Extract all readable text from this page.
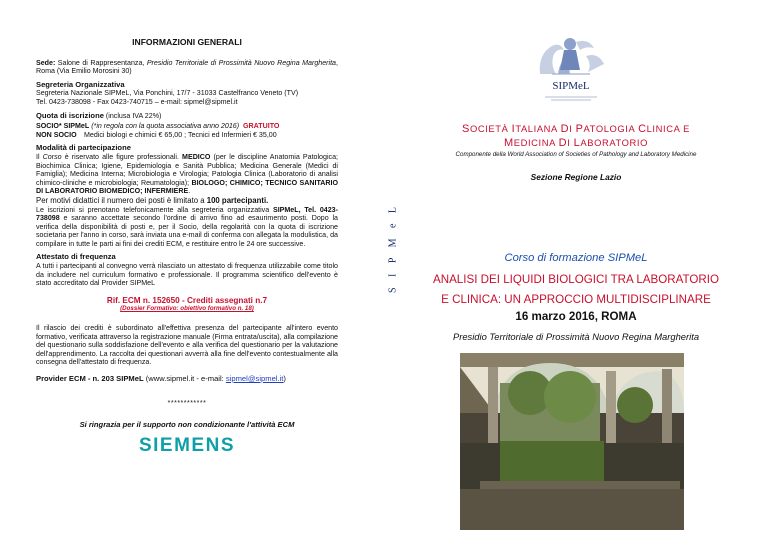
INFORMAZIONI GENERALI
Sede: Salone di Rappresentanza, Presidio Territoriale di Prossimità Nuovo Regina Margherita, Roma (Via Emilio Morosini 30)
Segreteria Organizzativa
Segreteria Nazionale SIPMeL, Via Ponchini, 17/7 - 31033 Castelfranco Veneto (TV)
Tel. 0423-738098 - Fax 0423-740715 – e-mail: sipmel@sipmel.it
Quota di iscrizione (inclusa IVA 22%)
SOCIO* SIPMeL (*in regola con la quota associativa anno 2016) GRATUITO
NON SOCIO	Medici biologi e chimici € 65,00 ; Tecnici ed Infermieri € 35,00
Modalità di partecipazione
Il Corso è riservato alle figure professionali. MEDICO (per le discipline Anatomia Patologica; Biochimica Clinica; Igiene, Epidemiologia e Sanità Pubblica; Medicina Generale (Medici di Famiglia); Medicina Interna; Microbiologia e Virologia; Patologia Clinica (Laboratorio di analisi chimico-cliniche e microbiologia; Reumatologia); BIOLOGO; CHIMICO; TECNICO SANITARIO DI LABORATORIO BIOMEDICO; INFERMIERE.
Per motivi didattici il numero dei posti è limitato a 100 partecipanti.
Le iscrizioni si prenotano telefonicamente alla segreteria organizzativa SIPMeL, Tel. 0423-738098 e saranno accettate secondo l'ordine di arrivo fino ad esaurimento posti. Dopo la verifica della disponibilità di posti e, per il Socio, della regolarità con la quota di iscrizione societaria per l'anno in corso, sarà inviata una e-mail di conferma con allegata la modulistica, da compilare in tutte le parti ai fini dei crediti ECM, e restituire entro le 24 ore successive.
Attestato di frequenza
A tutti i partecipanti al convegno verrà rilasciato un attestato di frequenza utilizzabile come titolo da includere nel curriculum formativo e professionale. Il programma scientifico dell'evento è stato accreditato dal Provider SIPMeL
Rif. ECM n. 152650 - Crediti assegnati n.7
(Dossier Formativo: obiettivo formativo n. 18)
Il rilascio dei crediti è subordinato all'effettiva presenza del partecipante all'intero evento formativo, verificata attraverso la registrazione manuale (Firma entrata/uscita), alla compilazione del questionario sulla soddisfazione dell'evento e alla verifica del questionario per la valutazione dell'apprendimento. La raccolta dei questionari avverrà alla fine dell'evento contestualmente alla consegna dell'attestato di frequenza.
Provider ECM - n. 203 SIPMeL (www.sipmel.it - e-mail: sipmel@sipmel.it)
************
Si ringrazia per il supporto non condizionante l'attività ECM
SIEMENS
S I P M e L
SIPMeL
SOCIETÀ ITALIANA DI PATOLOGIA CLINICA E
MEDICINA DI LABORATORIO
Componente della World Association of Societies of Pathology and Laboratory Medicine
Sezione Regione Lazio
Corso di formazione SIPMeL
ANALISI DEI LIQUIDI BIOLOGICI TRA LABORATORIO
E CLINICA: UN APPROCCIO MULTIDISCIPLINARE
16 marzo 2016, ROMA
Presidio Territoriale di Prossimità Nuovo Regina Margherita
